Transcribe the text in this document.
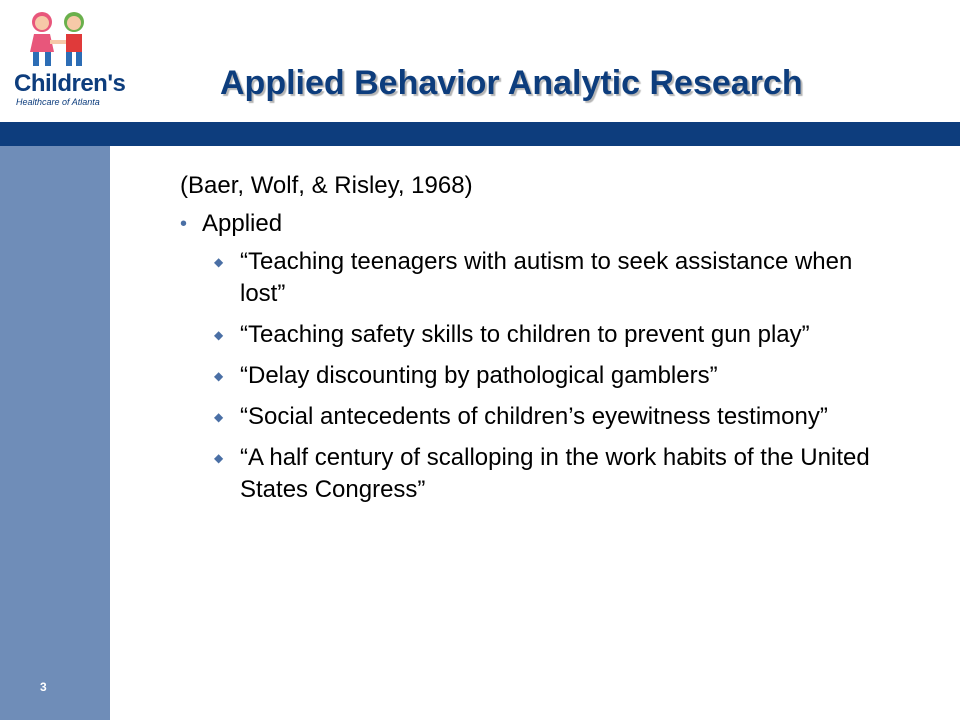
Children's
Healthcare of Atlanta	Applied Behavior Analytic Research
(Baer, Wolf, & Risley, 1968)
• Applied
◆ “Teaching teenagers with autism to seek assistance when lost”
◆ “Teaching safety skills to children to prevent gun play”
◆ “Delay discounting by pathological gamblers”
◆ “Social antecedents of children’s eyewitness testimony”
◆ “A half century of scalloping in the work habits of the United States Congress”
3
